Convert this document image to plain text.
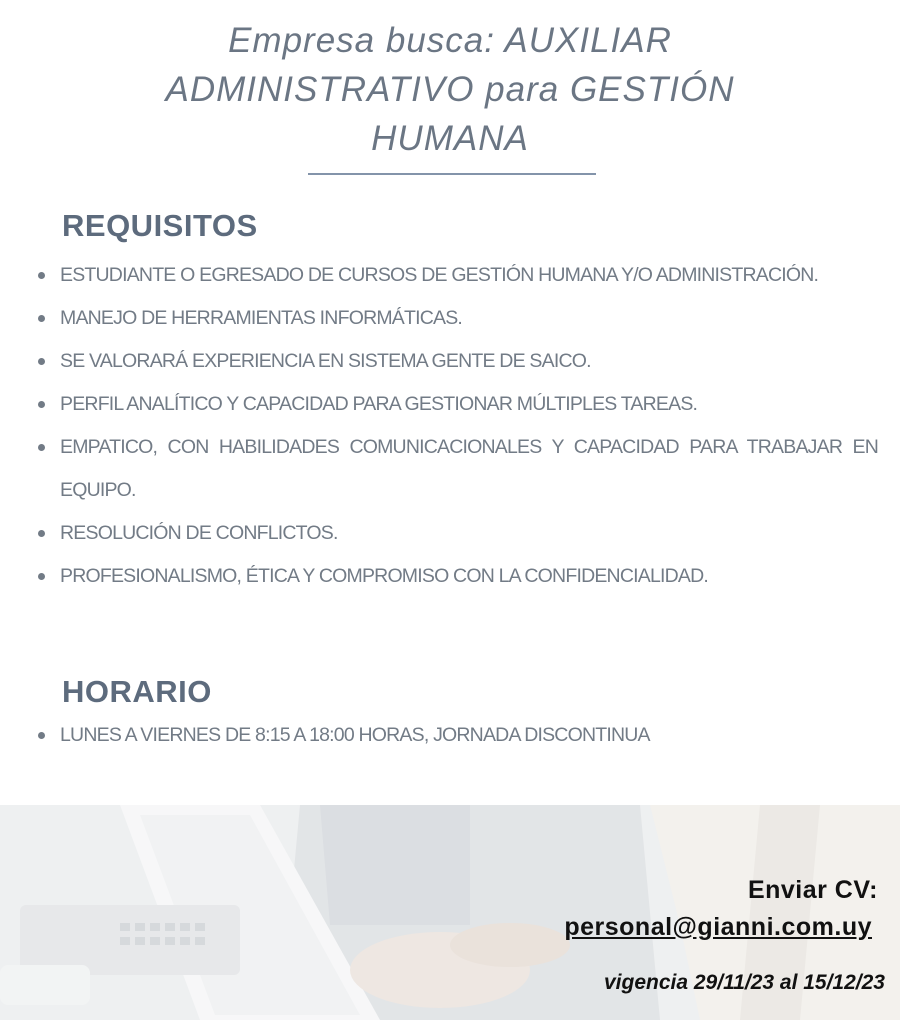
Empresa busca: AUXILIAR
ADMINISTRATIVO para GESTIÓN
HUMANA
REQUISITOS
ESTUDIANTE O EGRESADO DE CURSOS DE GESTIÓN HUMANA Y/O ADMINISTRACIÓN.
MANEJO DE HERRAMIENTAS INFORMÁTICAS.
SE VALORARÁ EXPERIENCIA EN SISTEMA GENTE DE SAICO.
PERFIL ANALÍTICO Y CAPACIDAD PARA GESTIONAR MÚLTIPLES TAREAS.
EMPATICO, CON HABILIDADES COMUNICACIONALES Y CAPACIDAD PARA TRABAJAR EN EQUIPO.
RESOLUCIÓN DE CONFLICTOS.
PROFESIONALISMO, ÉTICA Y COMPROMISO CON LA CONFIDENCIALIDAD.
HORARIO
LUNES A VIERNES DE 8:15 A 18:00 HORAS, JORNADA DISCONTINUA
Enviar CV:
personal@gianni.com.uy
vigencia 29/11/23 al 15/12/23
